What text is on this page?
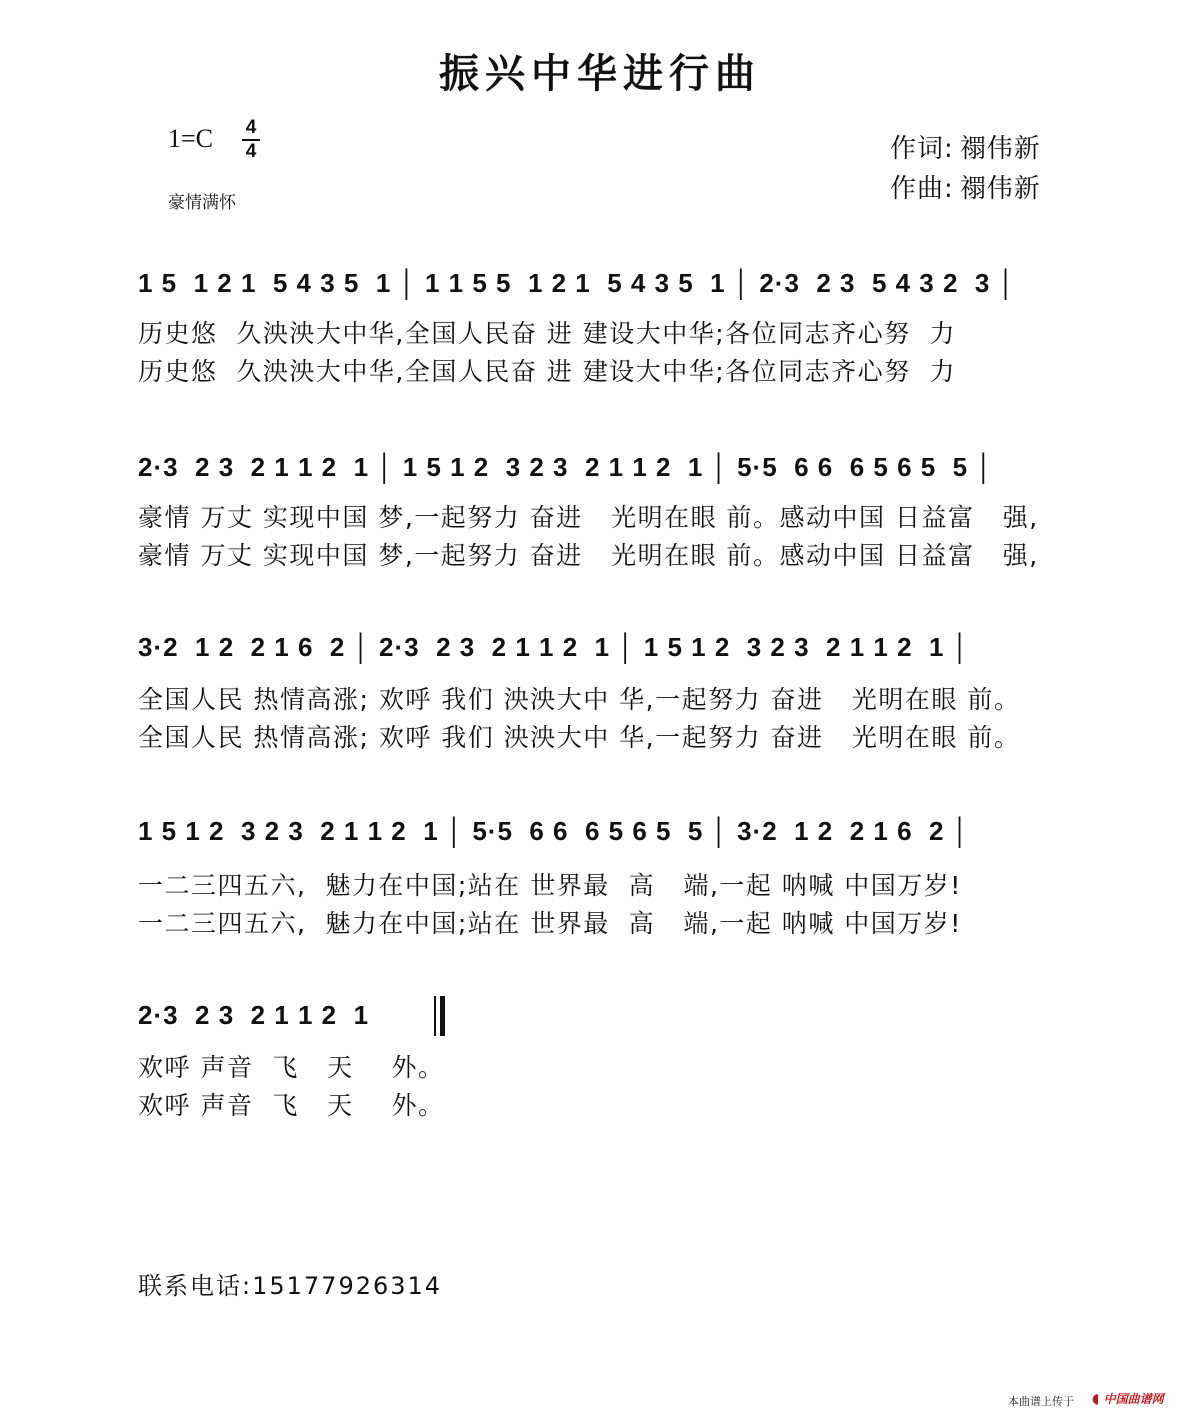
振兴中华进行曲
1=C	4
4
豪情满怀
作词: 禤伟新
作曲: 禤伟新
1 5  1 2 1  5 4 3 5  1 │ 1 1 5 5  1 2 1  5 4 3 5  1 │ 2·3  2 3  5 4 3 2  3 │
历史悠  久泱泱大中华,全国人民奋 进 建设大中华;各位同志齐心努  力
历史悠  久泱泱大中华,全国人民奋 进 建设大中华;各位同志齐心努  力
2·3  2 3  2 1 1 2  1 │ 1 5 1 2  3 2 3  2 1 1 2  1 │ 5·5  6 6  6 5 6 5  5 │
豪情 万丈 实现中国 梦,一起努力 奋进   光明在眼 前。感动中国 日益富   强,
豪情 万丈 实现中国 梦,一起努力 奋进   光明在眼 前。感动中国 日益富   强,
3·2  1 2  2 1 6  2 │ 2·3  2 3  2 1 1 2  1 │ 1 5 1 2  3 2 3  2 1 1 2  1 │
全国人民 热情高涨; 欢呼 我们 泱泱大中 华,一起努力 奋进   光明在眼 前。
全国人民 热情高涨; 欢呼 我们 泱泱大中 华,一起努力 奋进   光明在眼 前。
1 5 1 2  3 2 3  2 1 1 2  1 │ 5·5  6 6  6 5 6 5  5 │ 3·2  1 2  2 1 6  2 │
一二三四五六,  魅力在中国;站在 世界最  高   端,一起 呐喊 中国万岁!
一二三四五六,  魅力在中国;站在 世界最  高   端,一起 呐喊 中国万岁!
2·3  2 3  2 1 1 2  1
欢呼 声音  飞   天    外。
欢呼 声音  飞   天    外。
联系电话:15177926314
本曲谱上传于 ◖ 中国曲谱网
